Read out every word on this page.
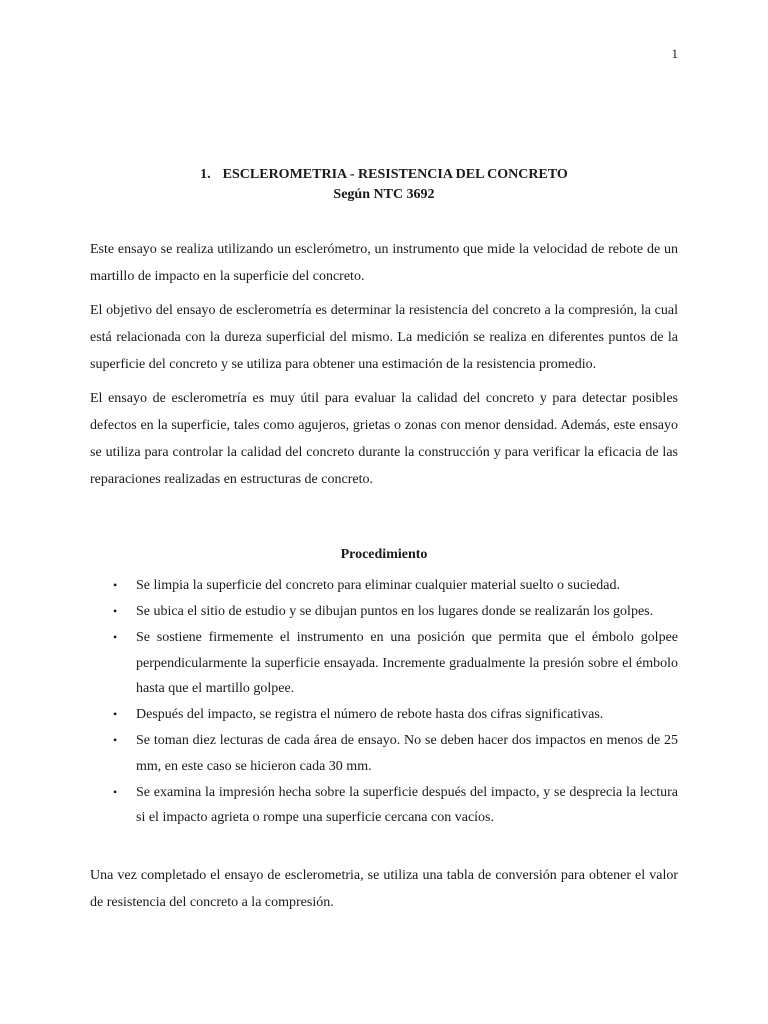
1
1. ESCLEROMETRIA - RESISTENCIA DEL CONCRETO
Según NTC 3692

Este ensayo se realiza utilizando un esclerómetro, un instrumento que mide la velocidad de rebote de un martillo de impacto en la superficie del concreto.

El objetivo del ensayo de esclerometría es determinar la resistencia del concreto a la compresión, la cual está relacionada con la dureza superficial del mismo. La medición se realiza en diferentes puntos de la superficie del concreto y se utiliza para obtener una estimación de la resistencia promedio.

El ensayo de esclerometría es muy útil para evaluar la calidad del concreto y para detectar posibles defectos en la superficie, tales como agujeros, grietas o zonas con menor densidad. Además, este ensayo se utiliza para controlar la calidad del concreto durante la construcción y para verificar la eficacia de las reparaciones realizadas en estructuras de concreto.

Procedimiento
• Se limpia la superficie del concreto para eliminar cualquier material suelto o suciedad.
• Se ubica el sitio de estudio y se dibujan puntos en los lugares donde se realizarán los golpes.
• Se sostiene firmemente el instrumento en una posición que permita que el émbolo golpee perpendicularmente la superficie ensayada. Incremente gradualmente la presión sobre el émbolo hasta que el martillo golpee.
• Después del impacto, se registra el número de rebote hasta dos cifras significativas.
• Se toman diez lecturas de cada área de ensayo. No se deben hacer dos impactos en menos de 25 mm, en este caso se hicieron cada 30 mm.
• Se examina la impresión hecha sobre la superficie después del impacto, y se desprecia la lectura si el impacto agrieta o rompe una superficie cercana con vacíos.

Una vez completado el ensayo de esclerometria, se utiliza una tabla de conversión para obtener el valor de resistencia del concreto a la compresión.
